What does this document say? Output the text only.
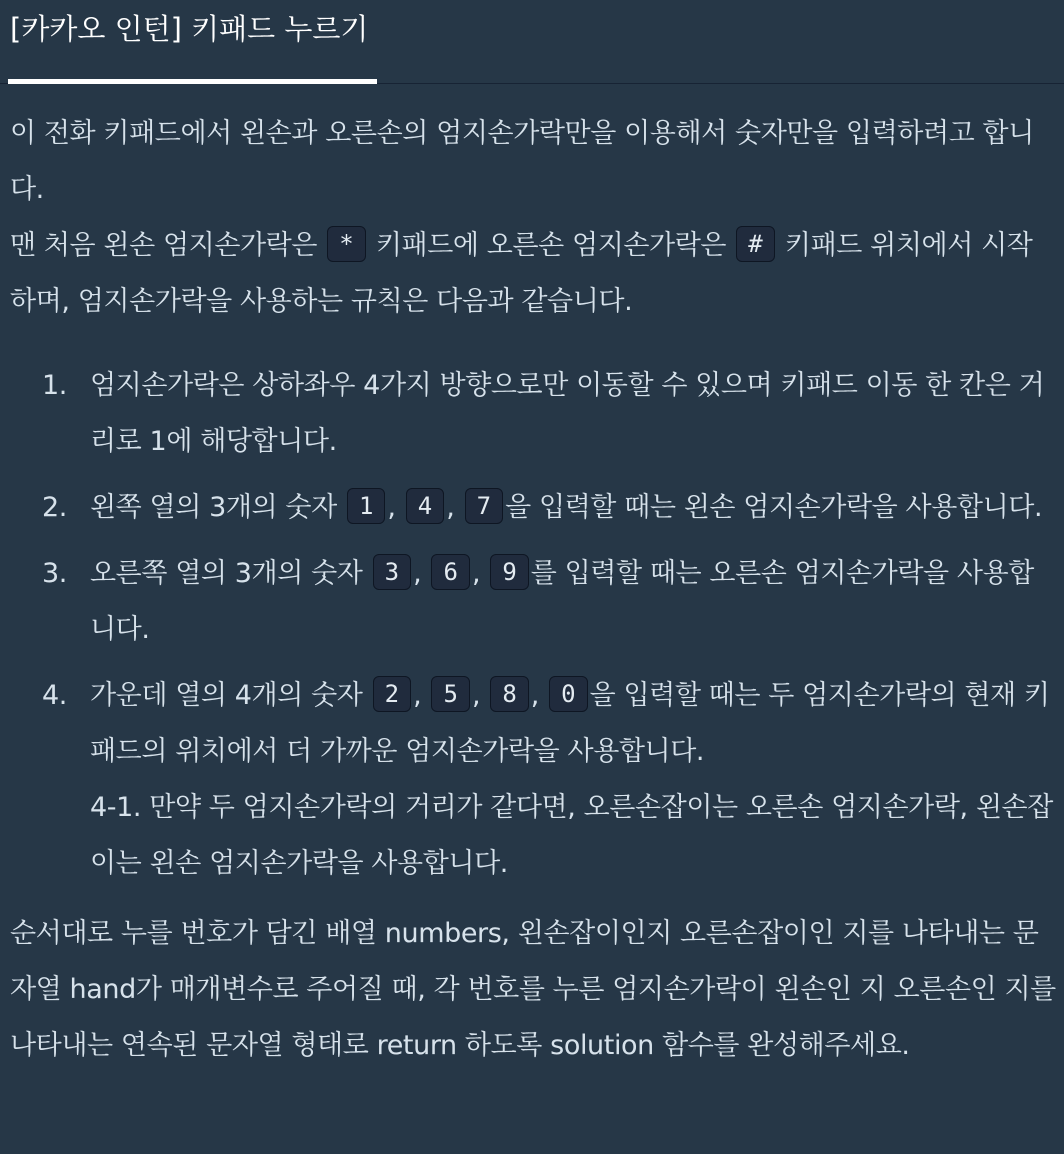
[카카오 인턴] 키패드 누르기

이 전화 키패드에서 왼손과 오른손의 엄지손가락만을 이용해서 숫자만을 입력하려고 합니다.

맨 처음 왼손 엄지손가락은 * 키패드에 오른손 엄지손가락은 # 키패드 위치에서 시작하며, 엄지손가락을 사용하는 규칙은 다음과 같습니다.

1. 엄지손가락은 상하좌우 4가지 방향으로만 이동할 수 있으며 키패드 이동 한 칸은 거리로 1에 해당합니다.
2. 왼쪽 열의 3개의 숫자 1 , 4 , 7 을 입력할 때는 왼손 엄지손가락을 사용합니다.
3. 오른쪽 열의 3개의 숫자 3 , 6 , 9 를 입력할 때는 오른손 엄지손가락을 사용합니다.
4. 가운데 열의 4개의 숫자 2 , 5 , 8 , 0 을 입력할 때는 두 엄지손가락의 현재 키패드의 위치에서 더 가까운 엄지손가락을 사용합니다.
4-1. 만약 두 엄지손가락의 거리가 같다면, 오른손잡이는 오른손 엄지손가락, 왼손잡이는 왼손 엄지손가락을 사용합니다.

순서대로 누를 번호가 담긴 배열 numbers, 왼손잡이인지 오른손잡이인 지를 나타내는 문자열 hand가 매개변수로 주어질 때, 각 번호를 누른 엄지손가락이 왼손인 지 오른손인 지를 나타내는 연속된 문자열 형태로 return 하도록 solution 함수를 완성해주세요.
